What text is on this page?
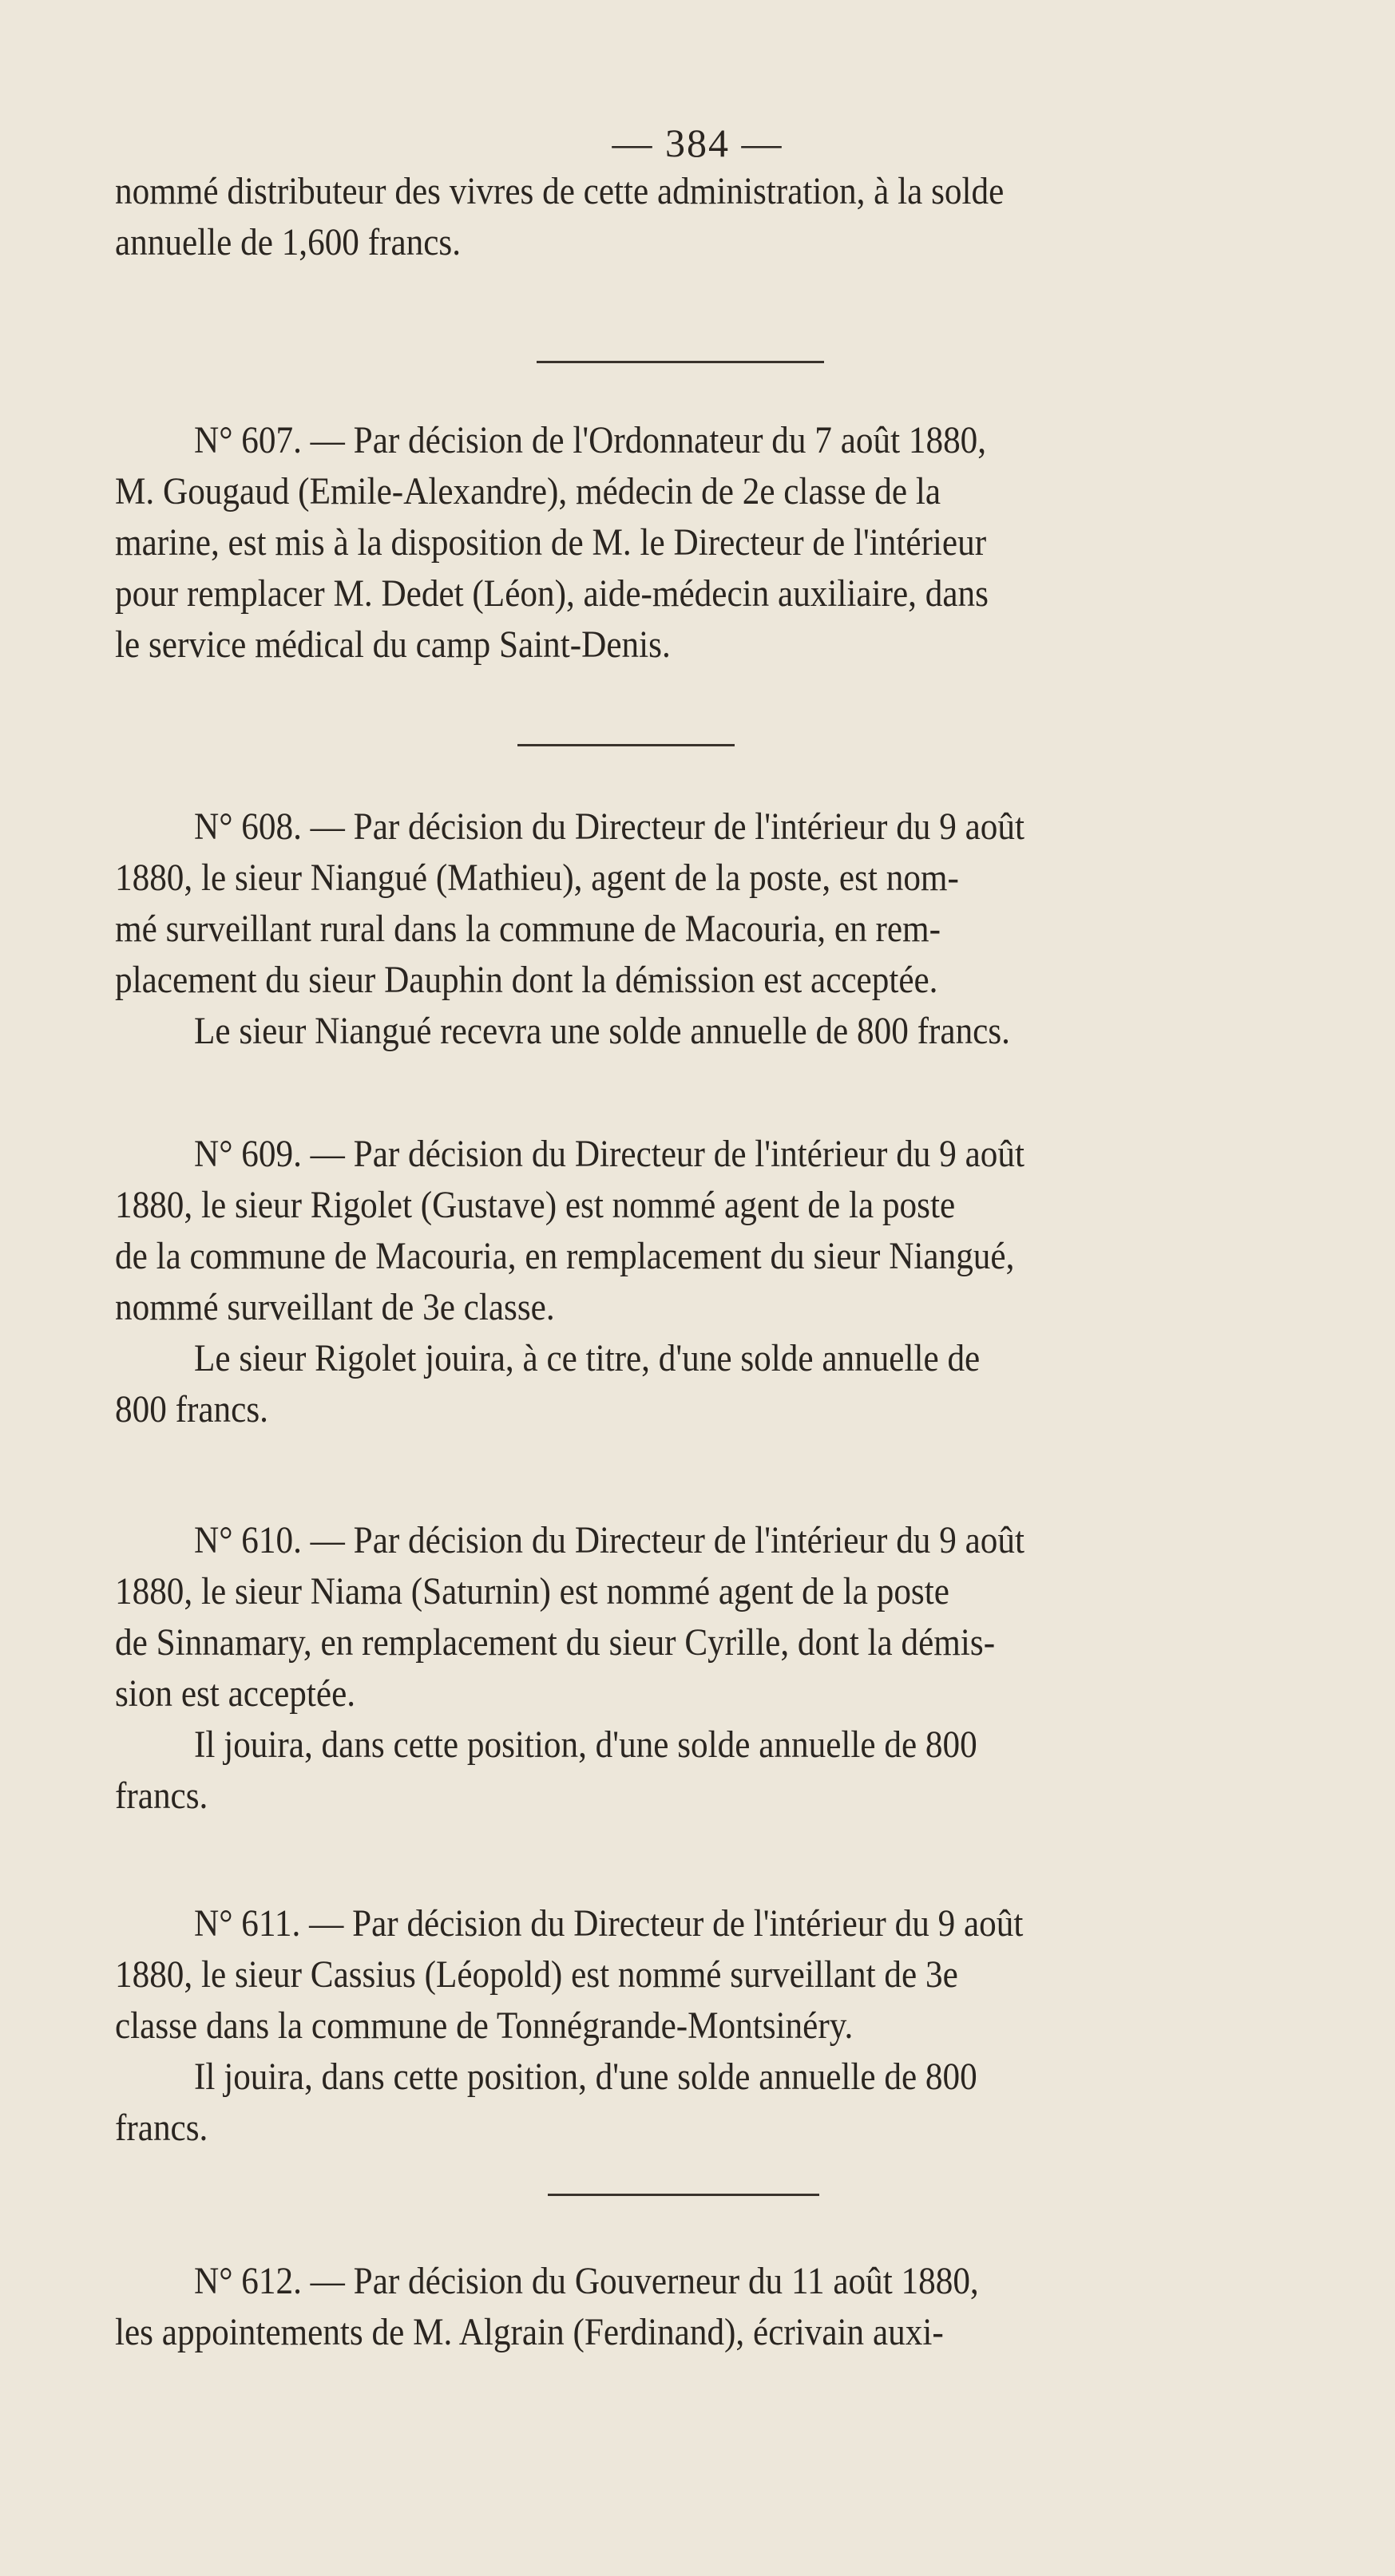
— 384 —

nommé distributeur des vivres de cette administration, à la solde

annuelle de 1,600 francs.

N° 607. — Par décision de l'Ordonnateur du 7 août 1880,

M. Gougaud (Emile-Alexandre), médecin de 2e classe de la

marine, est mis à la disposition de M. le Directeur de l'intérieur

pour remplacer M. Dedet (Léon), aide-médecin auxiliaire, dans

le service médical du camp Saint-Denis.

N° 608. — Par décision du Directeur de l'intérieur du 9 août

1880, le sieur Niangué (Mathieu), agent de la poste, est nom-

mé surveillant rural dans la commune de Macouria, en rem-

placement du sieur Dauphin dont la démission est acceptée.

Le sieur Niangué recevra une solde annuelle de 800 francs.

N° 609. — Par décision du Directeur de l'intérieur du 9 août

1880, le sieur Rigolet (Gustave) est nommé agent de la poste

de la commune de Macouria, en remplacement du sieur Niangué,

nommé surveillant de 3e classe.

Le sieur Rigolet jouira, à ce titre, d'une solde annuelle de

800 francs.

N° 610. — Par décision du Directeur de l'intérieur du 9 août

1880, le sieur Niama (Saturnin) est nommé agent de la poste

de Sinnamary, en remplacement du sieur Cyrille, dont la démis-

sion est acceptée.

Il jouira, dans cette position, d'une solde annuelle de 800

francs.

N° 611. — Par décision du Directeur de l'intérieur du 9 août

1880, le sieur Cassius (Léopold) est nommé surveillant de 3e

classe dans la commune de Tonnégrande-Montsinéry.

Il jouira, dans cette position, d'une solde annuelle de 800

francs.

N° 612. — Par décision du Gouverneur du 11 août 1880,

les appointements de M. Algrain (Ferdinand), écrivain auxi-
